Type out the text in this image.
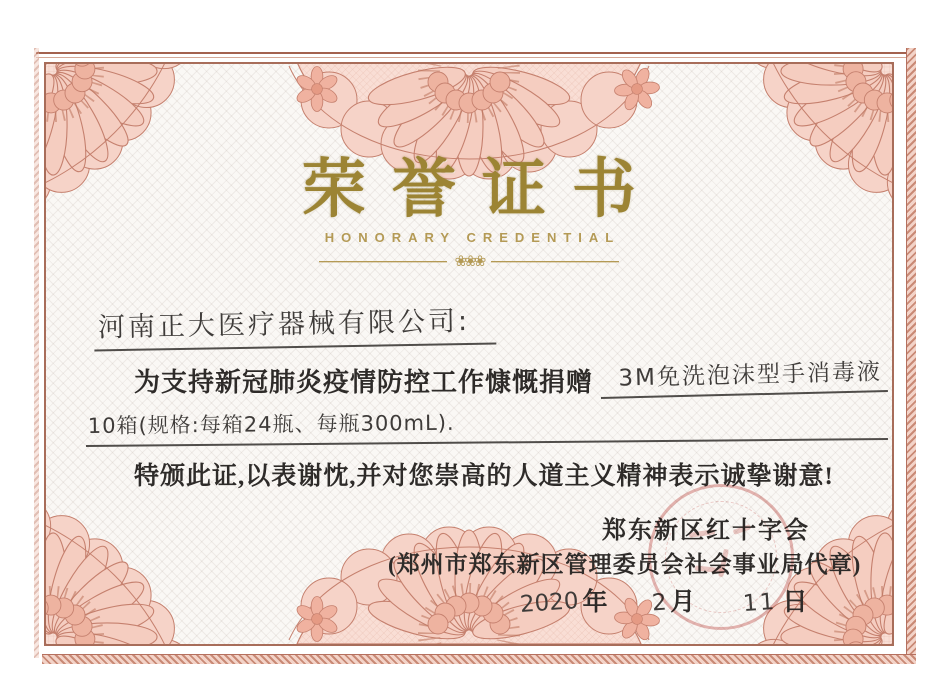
荣誉证书
HONORARY CREDENTIAL
❀❀❀
河南正大医疗器械有限公司:
为支持新冠肺炎疫情防控工作慷慨捐赠	3M免洗泡沫型手消毒液
10箱(规格:每箱24瓶、每瓶300mL).
特颁此证,以表谢忱,并对您崇高的人道主义精神表示诚挚谢意!
郑东新区红十字会
(郑州市郑东新区管理委员会社会事业局代章)
2020 年 2 月 11 日
